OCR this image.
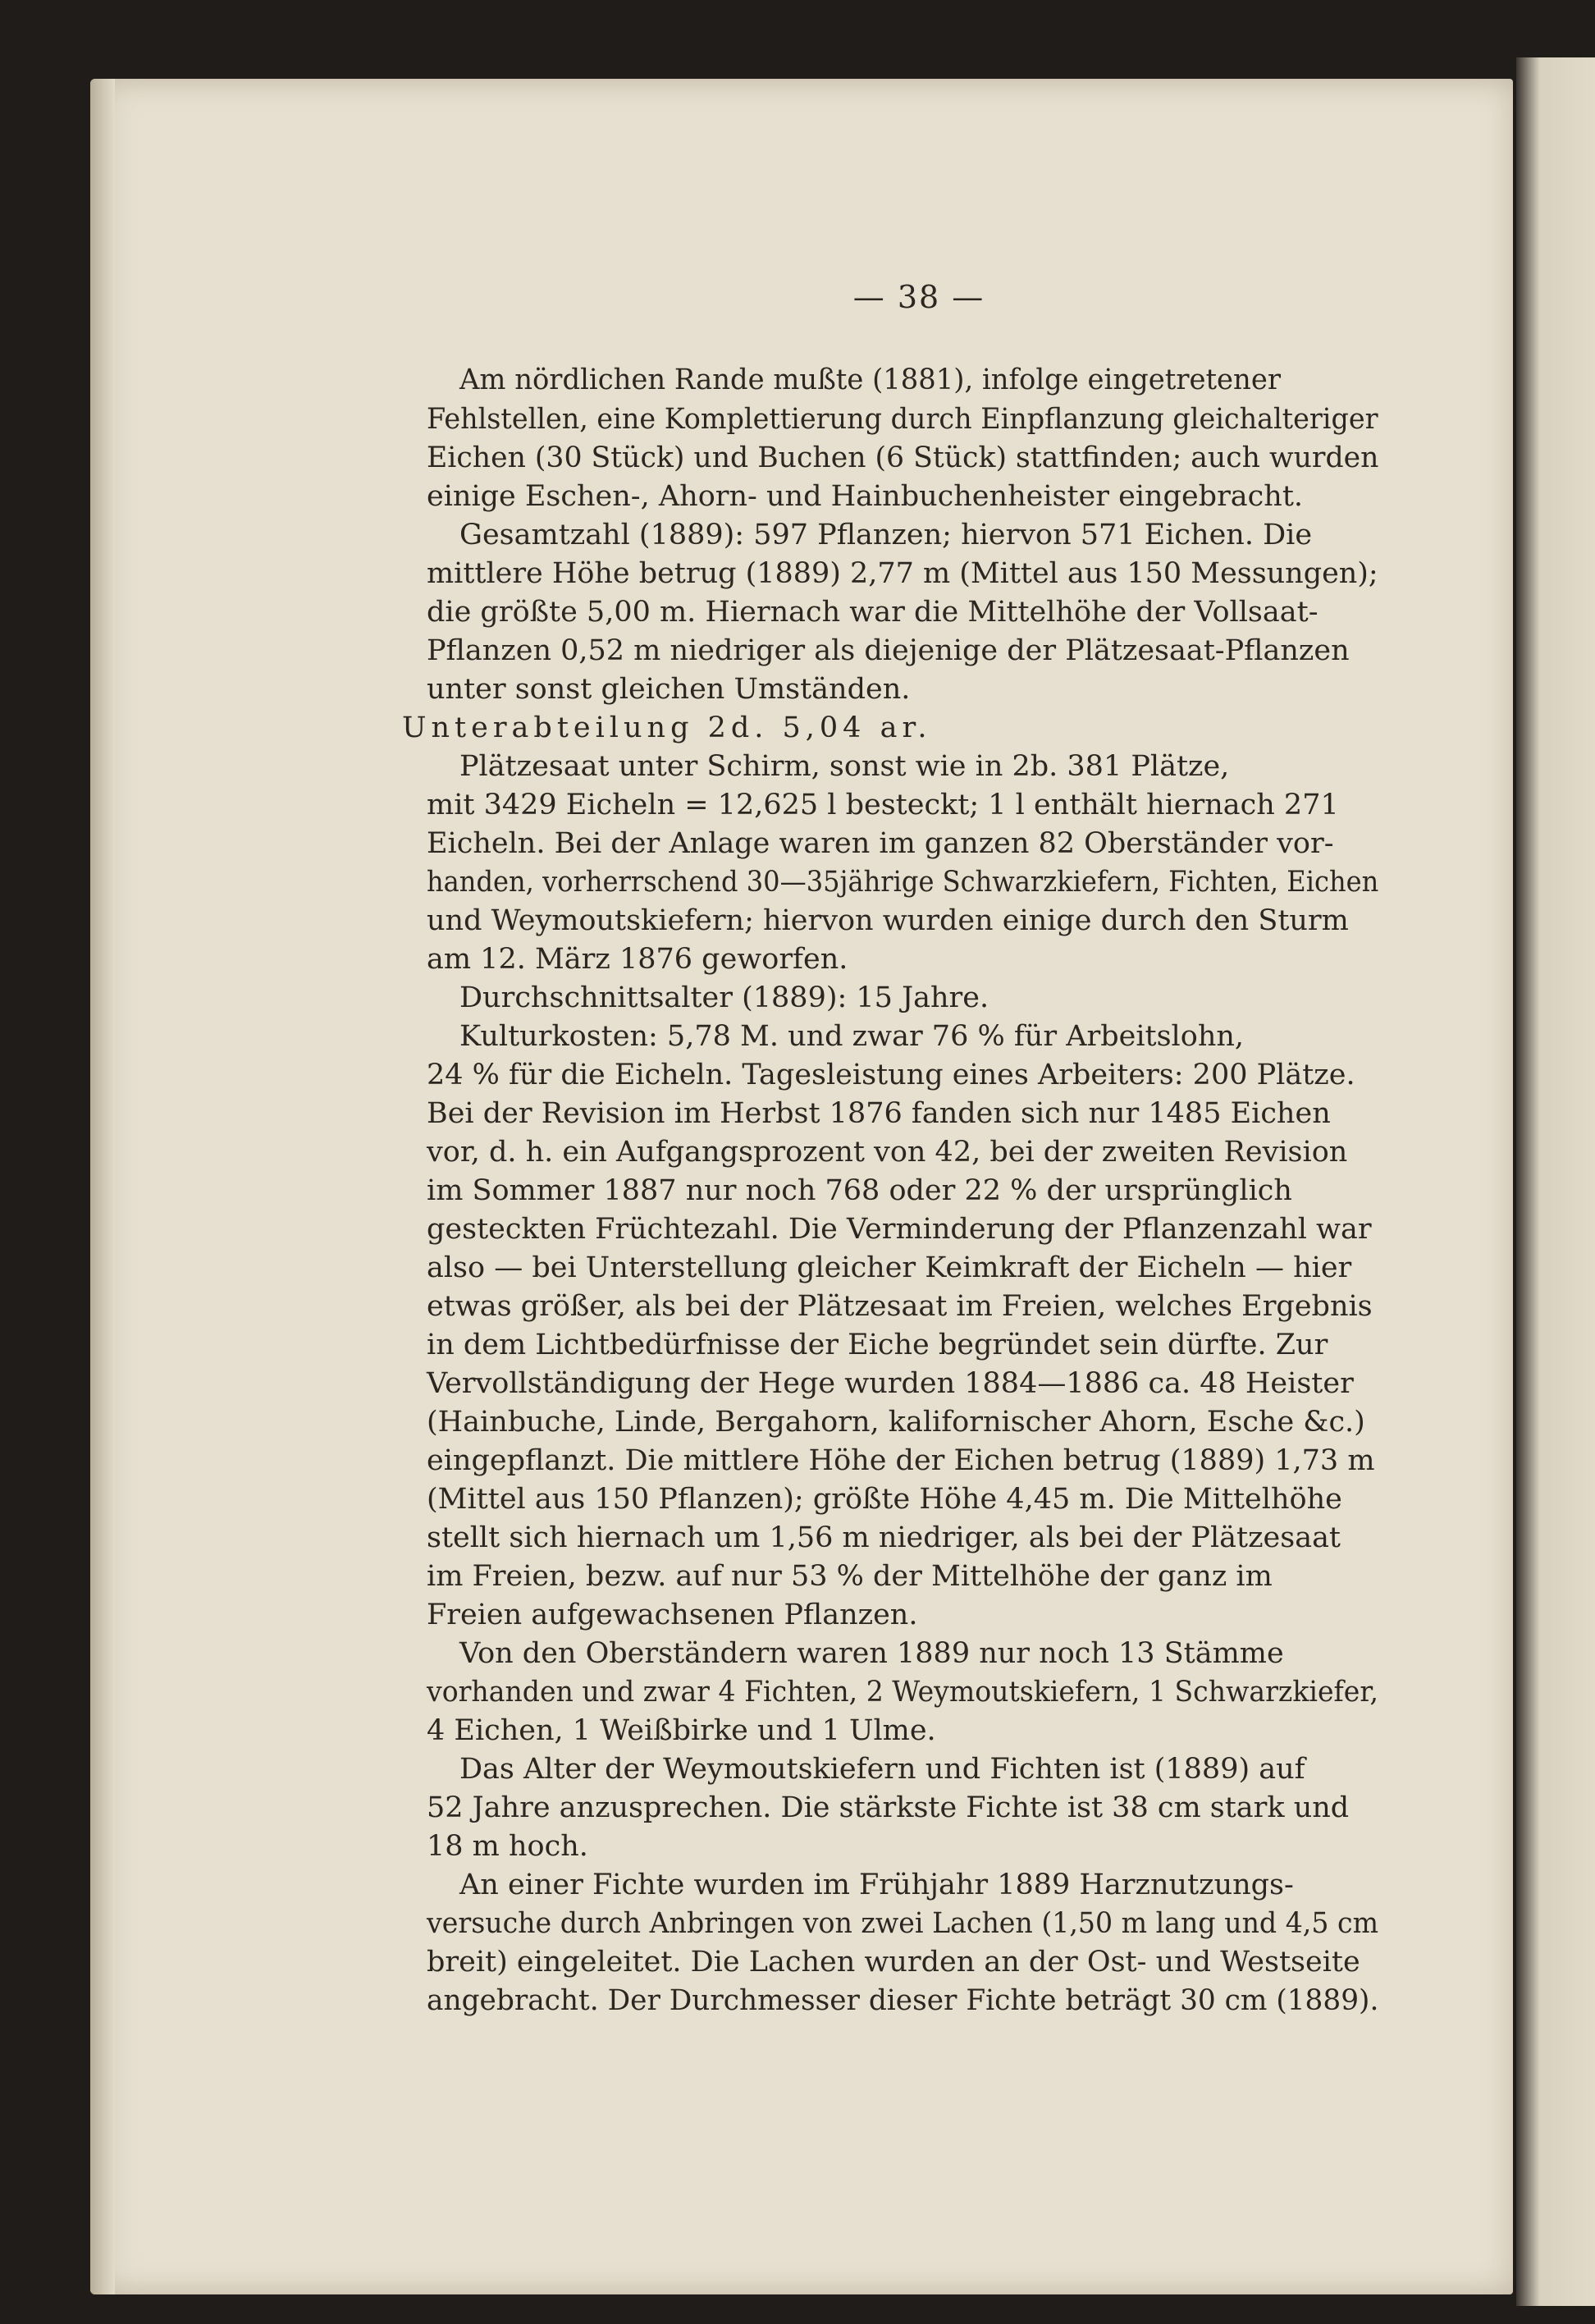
— 38 —
Am nördlichen Rande mußte (1881), infolge eingetretener
Fehlstellen, eine Komplettierung durch Einpflanzung gleichalteriger
Eichen (30 Stück) und Buchen (6 Stück) stattfinden; auch wurden
einige Eschen-, Ahorn- und Hainbuchenheister eingebracht.
Gesamtzahl (1889): 597 Pflanzen; hiervon 571 Eichen. Die
mittlere Höhe betrug (1889) 2,77 m (Mittel aus 150 Messungen);
die größte 5,00 m. Hiernach war die Mittelhöhe der Vollsaat-
Pflanzen 0,52 m niedriger als diejenige der Plätzesaat-Pflanzen
unter sonst gleichen Umständen.
Unterabteilung 2d. 5,04 ar.
Plätzesaat unter Schirm, sonst wie in 2b. 381 Plätze,
mit 3429 Eicheln = 12,625 l besteckt; 1 l enthält hiernach 271
Eicheln. Bei der Anlage waren im ganzen 82 Oberständer vor-
handen, vorherrschend 30—35jährige Schwarzkiefern, Fichten, Eichen
und Weymoutskiefern; hiervon wurden einige durch den Sturm
am 12. März 1876 geworfen.
Durchschnittsalter (1889): 15 Jahre.
Kulturkosten: 5,78 M. und zwar 76 % für Arbeitslohn,
24 % für die Eicheln. Tagesleistung eines Arbeiters: 200 Plätze.
Bei der Revision im Herbst 1876 fanden sich nur 1485 Eichen
vor, d. h. ein Aufgangsprozent von 42, bei der zweiten Revision
im Sommer 1887 nur noch 768 oder 22 % der ursprünglich
gesteckten Früchtezahl. Die Verminderung der Pflanzenzahl war
also — bei Unterstellung gleicher Keimkraft der Eicheln — hier
etwas größer, als bei der Plätzesaat im Freien, welches Ergebnis
in dem Lichtbedürfnisse der Eiche begründet sein dürfte. Zur
Vervollständigung der Hege wurden 1884—1886 ca. 48 Heister
(Hainbuche, Linde, Bergahorn, kalifornischer Ahorn, Esche &c.)
eingepflanzt. Die mittlere Höhe der Eichen betrug (1889) 1,73 m
(Mittel aus 150 Pflanzen); größte Höhe 4,45 m. Die Mittelhöhe
stellt sich hiernach um 1,56 m niedriger, als bei der Plätzesaat
im Freien, bezw. auf nur 53 % der Mittelhöhe der ganz im
Freien aufgewachsenen Pflanzen.
Von den Oberständern waren 1889 nur noch 13 Stämme
vorhanden und zwar 4 Fichten, 2 Weymoutskiefern, 1 Schwarzkiefer,
4 Eichen, 1 Weißbirke und 1 Ulme.
Das Alter der Weymoutskiefern und Fichten ist (1889) auf
52 Jahre anzusprechen. Die stärkste Fichte ist 38 cm stark und
18 m hoch.
An einer Fichte wurden im Frühjahr 1889 Harznutzungs-
versuche durch Anbringen von zwei Lachen (1,50 m lang und 4,5 cm
breit) eingeleitet. Die Lachen wurden an der Ost- und Westseite
angebracht. Der Durchmesser dieser Fichte beträgt 30 cm (1889).
